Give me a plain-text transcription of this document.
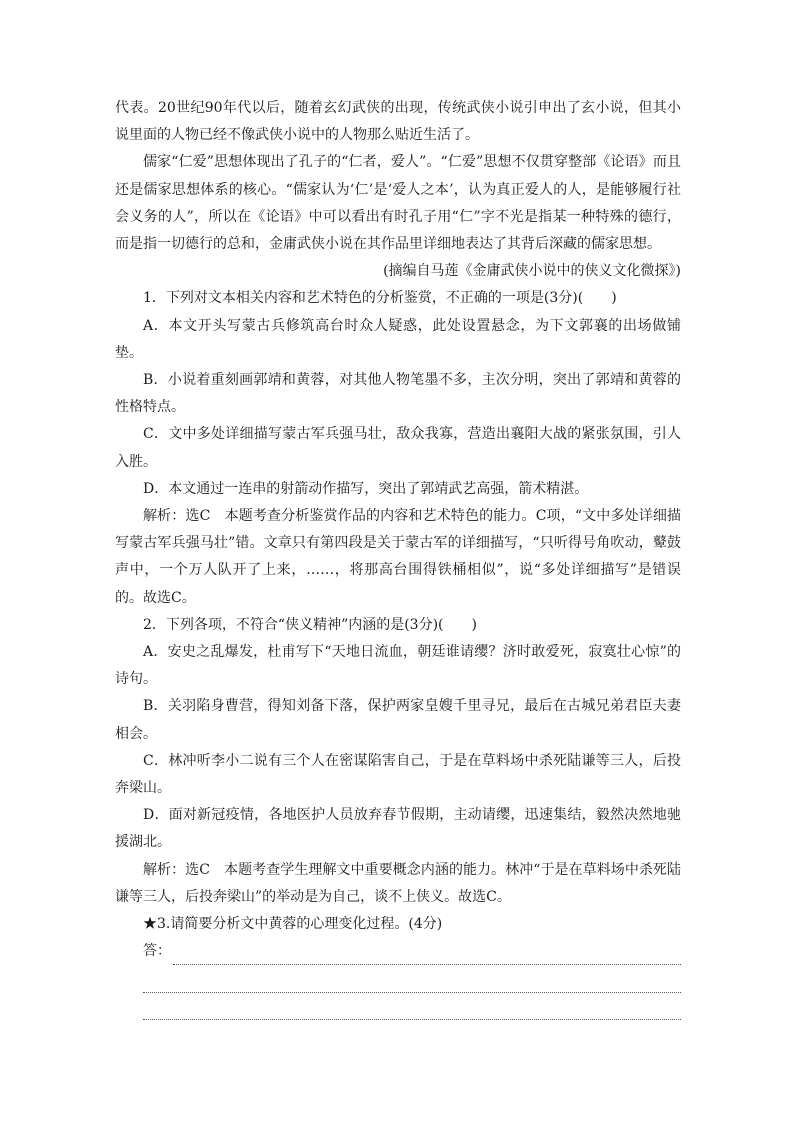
代表。20世纪90年代以后，随着玄幻武侠的出现，传统武侠小说引申出了玄小说，但其小说里面的人物已经不像武侠小说中的人物那么贴近生活了。

儒家“仁爱”思想体现出了孔子的“仁者，爱人”。“仁爱”思想不仅贯穿整部《论语》而且还是儒家思想体系的核心。“儒家认为‘仁’是‘爱人之本’，认为真正爱人的人，是能够履行社会义务的人”，所以在《论语》中可以看出有时孔子用“仁”字不光是指某一种特殊的德行，而是指一切德行的总和，金庸武侠小说在其作品里详细地表达了其背后深藏的儒家思想。

(摘编自马莲《金庸武侠小说中的侠义文化微探》)

1．下列对文本相关内容和艺术特色的分析鉴赏，不正确的一项是(3分)(　　)

A．本文开头写蒙古兵修筑高台时众人疑惑，此处设置悬念，为下文郭襄的出场做铺垫。

B．小说着重刻画郭靖和黄蓉，对其他人物笔墨不多，主次分明，突出了郭靖和黄蓉的性格特点。

C．文中多处详细描写蒙古军兵强马壮，敌众我寡，营造出襄阳大战的紧张氛围，引人入胜。

D．本文通过一连串的射箭动作描写，突出了郭靖武艺高强，箭术精湛。

解析：选C　本题考查分析鉴赏作品的内容和艺术特色的能力。C项，“文中多处详细描写蒙古军兵强马壮”错。文章只有第四段是关于蒙古军的详细描写，“只听得号角吹动，鼙鼓声中，一个万人队开了上来，……，将那高台围得铁桶相似”，说“多处详细描写”是错误的。故选C。

2．下列各项，不符合“侠义精神”内涵的是(3分)(　　)

A．安史之乱爆发，杜甫写下“天地日流血，朝廷谁请缨？济时敢爱死，寂寞壮心惊”的诗句。

B．关羽陷身曹营，得知刘备下落，保护两家皇嫂千里寻兄，最后在古城兄弟君臣夫妻相会。

C．林冲听李小二说有三个人在密谋陷害自己，于是在草料场中杀死陆谦等三人，后投奔梁山。

D．面对新冠疫情，各地医护人员放弃春节假期，主动请缨，迅速集结，毅然决然地驰援湖北。

解析：选C　本题考查学生理解文中重要概念内涵的能力。林冲“于是在草料场中杀死陆谦等三人，后投奔梁山”的举动是为自己，谈不上侠义。故选C。

★3.请简要分析文中黄蓉的心理变化过程。(4分)

答：
